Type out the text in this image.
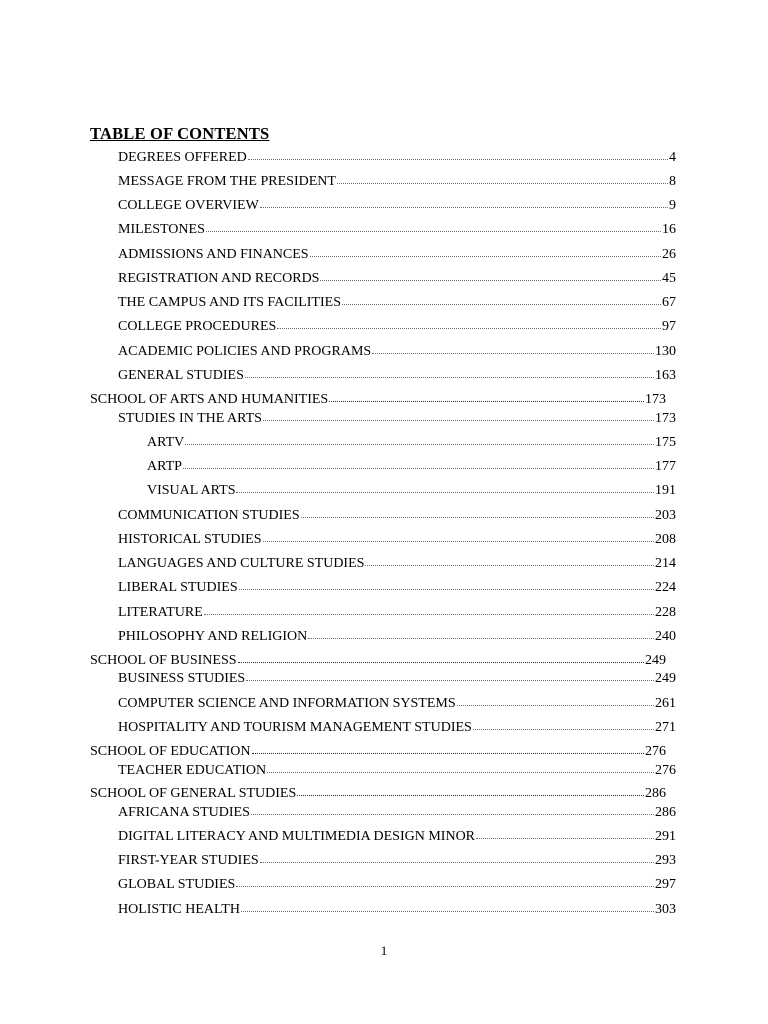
TABLE OF CONTENTS
DEGREES OFFERED	4
MESSAGE FROM THE PRESIDENT	8
COLLEGE OVERVIEW	9
MILESTONES	16
ADMISSIONS AND FINANCES	26
REGISTRATION AND RECORDS	45
THE CAMPUS AND ITS FACILITIES	67
COLLEGE PROCEDURES	97
ACADEMIC POLICIES AND PROGRAMS	130
GENERAL STUDIES	163
SCHOOL OF ARTS AND HUMANITIES	173
STUDIES IN THE ARTS	173
ARTV	175
ARTP	177
VISUAL ARTS	191
COMMUNICATION STUDIES	203
HISTORICAL STUDIES	208
LANGUAGES AND CULTURE STUDIES	214
LIBERAL STUDIES	224
LITERATURE	228
PHILOSOPHY AND RELIGION	240
SCHOOL OF BUSINESS	249
BUSINESS STUDIES	249
COMPUTER SCIENCE AND INFORMATION SYSTEMS	261
HOSPITALITY AND TOURISM MANAGEMENT STUDIES	271
SCHOOL OF EDUCATION	276
TEACHER EDUCATION	276
SCHOOL OF GENERAL STUDIES	286
AFRICANA STUDIES	286
DIGITAL LITERACY AND MULTIMEDIA DESIGN MINOR	291
FIRST-YEAR STUDIES	293
GLOBAL STUDIES	297
HOLISTIC HEALTH	303
1
